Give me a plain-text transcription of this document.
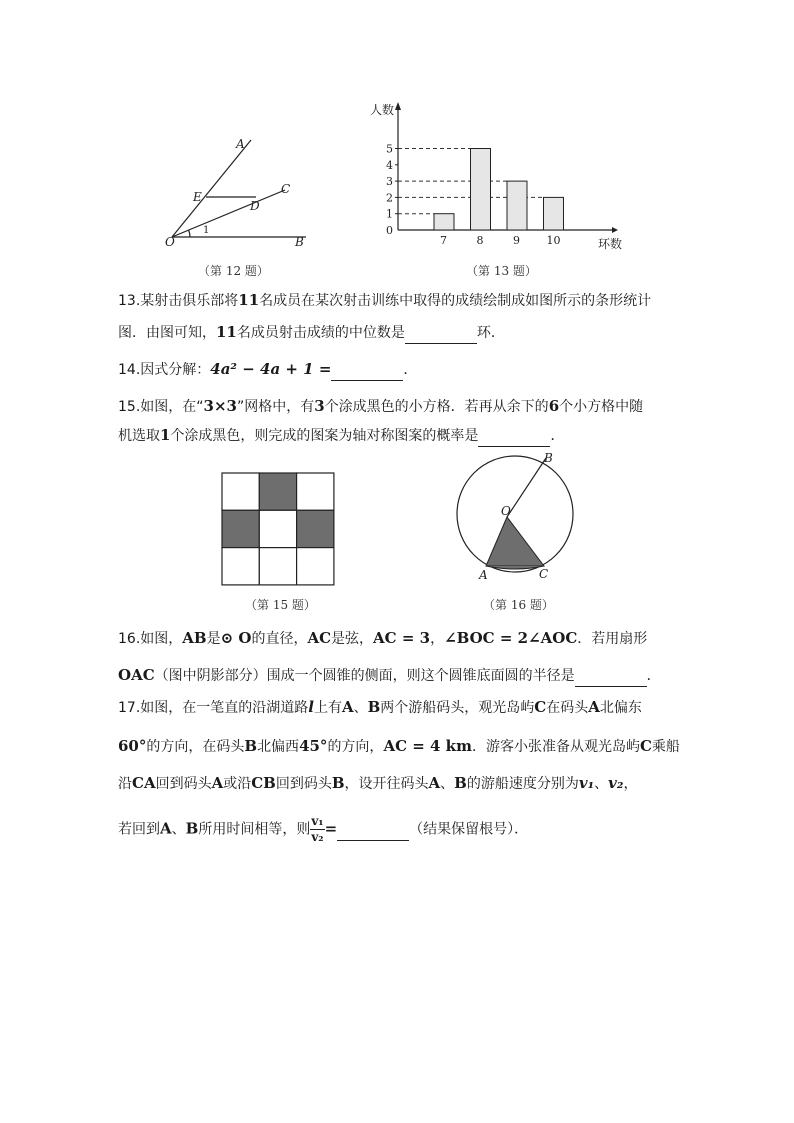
A
C
E
D
O	B
1
（第 12 题）
0
1
2
3
4
5
7	8	9 10
人数
环数
（第 13 题）
13.某射击俱乐部将11名成员在某次射击训练中取得的成绩绘制成如图所示的条形统计
图．由图可知，11名成员射击成绩的中位数是	环．
14.因式分解：4a² − 4a + 1 =	．
15.如图，在“3×3”网格中，有3个涂成黑色的小方格．若再从余下的6个小方格中随
机选取1个涂成黑色，则完成的图案为轴对称图案的概率是	．
（第 15 题）
O
B
A	C
（第 16 题）
16.如图，AB是⊙ O的直径，AC是弦，AC = 3，∠BOC = 2∠AOC．若用扇形
OAC（图中阴影部分）围成一个圆锥的侧面，则这个圆锥底面圆的半径是	．
17.如图，在一笔直的沿湖道路l上有A、B两个游船码头，观光岛屿C在码头A北偏东
60°的方向，在码头B北偏西45°的方向，AC = 4 km．游客小张准备从观光岛屿C乘船
沿CA回到码头A或沿CB回到码头B，设开往码头A、B的游船速度分别为v₁、v₂，
若回到A、B所用时间相等，则 $\frac{\text{v₁}}{\text{v₂}}$ =	（结果保留根号）．
